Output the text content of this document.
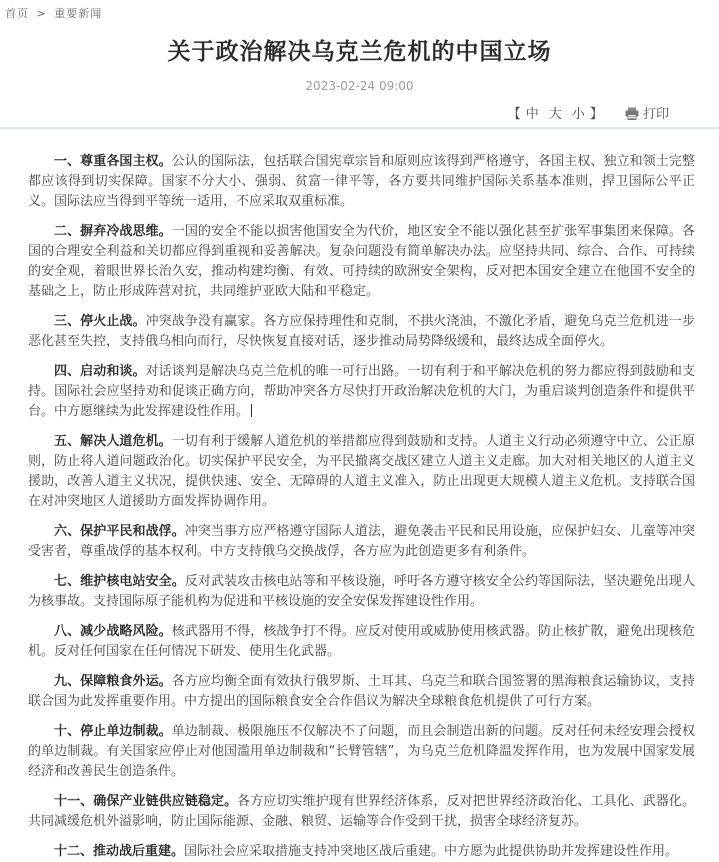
首页 > 重要新闻
关于政治解决乌克兰危机的中国立场
2023-02-24 09:00
【 中 大 小 】	打印

一、尊重各国主权。公认的国际法，包括联合国宪章宗旨和原则应该得到严格遵守，各国主权、独立和领土完整都应该得到切实保障。国家不分大小、强弱、贫富一律平等，各方要共同维护国际关系基本准则，捍卫国际公平正义。国际法应当得到平等统一适用，不应采取双重标准。

二、摒弃冷战思维。一国的安全不能以损害他国安全为代价，地区安全不能以强化甚至扩张军事集团来保障。各国的合理安全利益和关切都应得到重视和妥善解决。复杂问题没有简单解决办法。应坚持共同、综合、合作、可持续的安全观，着眼世界长治久安，推动构建均衡、有效、可持续的欧洲安全架构，反对把本国安全建立在他国不安全的基础之上，防止形成阵营对抗，共同维护亚欧大陆和平稳定。

三、停火止战。冲突战争没有赢家。各方应保持理性和克制，不拱火浇油，不激化矛盾，避免乌克兰危机进一步恶化甚至失控，支持俄乌相向而行，尽快恢复直接对话，逐步推动局势降级缓和，最终达成全面停火。

四、启动和谈。对话谈判是解决乌克兰危机的唯一可行出路。一切有利于和平解决危机的努力都应得到鼓励和支持。国际社会应坚持劝和促谈正确方向，帮助冲突各方尽快打开政治解决危机的大门，为重启谈判创造条件和提供平台。中方愿继续为此发挥建设性作用。

五、解决人道危机。一切有利于缓解人道危机的举措都应得到鼓励和支持。人道主义行动必须遵守中立、公正原则，防止将人道问题政治化。切实保护平民安全，为平民撤离交战区建立人道主义走廊。加大对相关地区的人道主义援助，改善人道主义状况，提供快速、安全、无障碍的人道主义准入，防止出现更大规模人道主义危机。支持联合国在对冲突地区人道援助方面发挥协调作用。

六、保护平民和战俘。冲突当事方应严格遵守国际人道法，避免袭击平民和民用设施，应保护妇女、儿童等冲突受害者，尊重战俘的基本权利。中方支持俄乌交换战俘，各方应为此创造更多有利条件。

七、维护核电站安全。反对武装攻击核电站等和平核设施，呼吁各方遵守核安全公约等国际法，坚决避免出现人为核事故。支持国际原子能机构为促进和平核设施的安全安保发挥建设性作用。

八、减少战略风险。核武器用不得，核战争打不得。应反对使用或威胁使用核武器。防止核扩散，避免出现核危机。反对任何国家在任何情况下研发、使用生化武器。

九、保障粮食外运。各方应均衡全面有效执行俄罗斯、土耳其、乌克兰和联合国签署的黑海粮食运输协议，支持联合国为此发挥重要作用。中方提出的国际粮食安全合作倡议为解决全球粮食危机提供了可行方案。

十、停止单边制裁。单边制裁、极限施压不仅解决不了问题，而且会制造出新的问题。反对任何未经安理会授权的单边制裁。有关国家应停止对他国滥用单边制裁和“长臂管辖”，为乌克兰危机降温发挥作用，也为发展中国家发展经济和改善民生创造条件。

十一、确保产业链供应链稳定。各方应切实维护现有世界经济体系，反对把世界经济政治化、工具化、武器化。共同减缓危机外溢影响，防止国际能源、金融、粮贸、运输等合作受到干扰，损害全球经济复苏。

十二、推动战后重建。国际社会应采取措施支持冲突地区战后重建。中方愿为此提供协助并发挥建设性作用。
